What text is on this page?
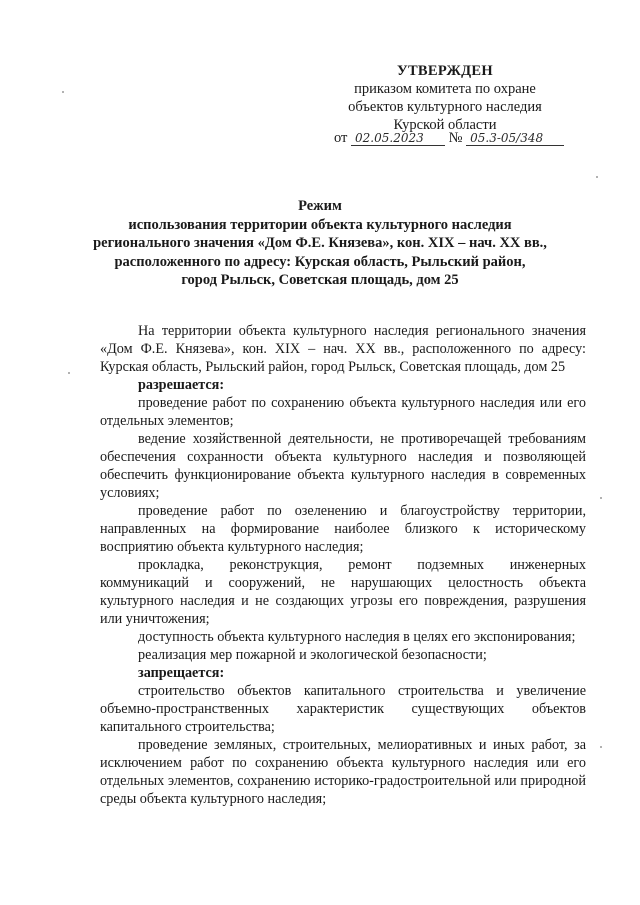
УТВЕРЖДЕН
приказом комитета по охране
объектов культурного наследия
Курской области
от 02.05.2023 № 05.3-05/348
Режим
использования территории объекта культурного наследия
регионального значения «Дом Ф.Е. Князева», кон. XIX – нач. XX вв.,
расположенного по адресу: Курская область, Рыльский район,
город Рыльск, Советская площадь, дом 25

На территории объекта культурного наследия регионального значения «Дом Ф.Е. Князева», кон. XIX – нач. XX вв., расположенного по адресу: Курская область, Рыльский район, город Рыльск, Советская площадь, дом 25

разрешается:

проведение работ по сохранению объекта культурного наследия или его отдельных элементов;

ведение хозяйственной деятельности, не противоречащей требованиям обеспечения сохранности объекта культурного наследия и позволяющей обеспечить функционирование объекта культурного наследия в современных условиях;

проведение работ по озеленению и благоустройству территории, направленных на формирование наиболее близкого к историческому восприятию объекта культурного наследия;

прокладка, реконструкция, ремонт подземных инженерных коммуникаций и сооружений, не нарушающих целостность объекта культурного наследия и не создающих угрозы его повреждения, разрушения или уничтожения;

доступность объекта культурного наследия в целях его экспонирования;

реализация мер пожарной и экологической безопасности;

запрещается:

строительство объектов капитального строительства и увеличение объемно-пространственных характеристик существующих объектов капитального строительства;

проведение земляных, строительных, мелиоративных и иных работ, за исключением работ по сохранению объекта культурного наследия или его отдельных элементов, сохранению историко-градостроительной или природной среды объекта культурного наследия;
